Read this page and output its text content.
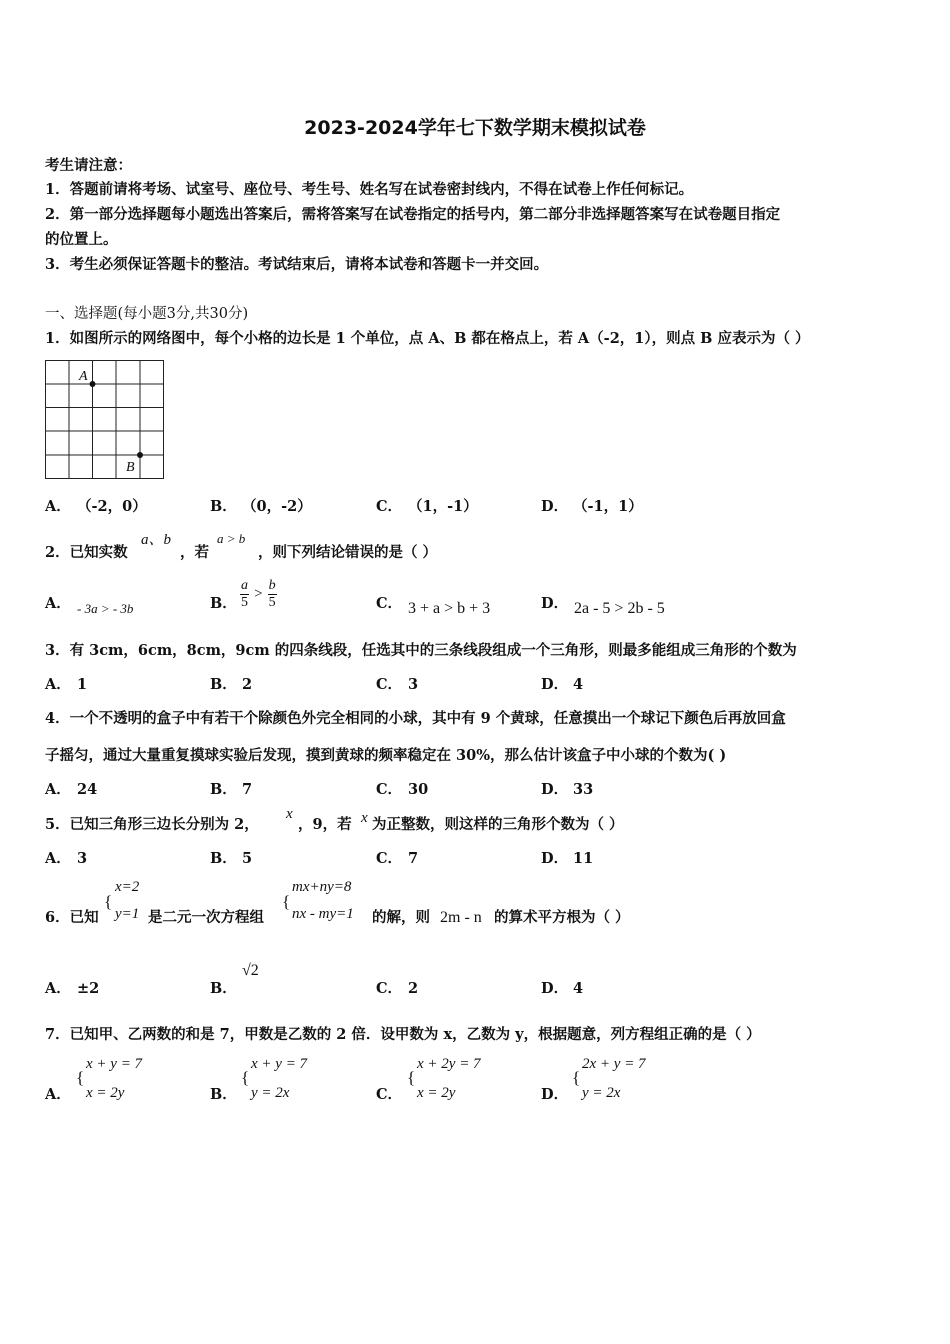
2023-2024学年七下数学期末模拟试卷
考生请注意：
1．答题前请将考场、试室号、座位号、考生号、姓名写在试卷密封线内，不得在试卷上作任何标记。
2．第一部分选择题每小题选出答案后，需将答案写在试卷指定的括号内，第二部分非选择题答案写在试卷题目指定
的位置上。
3．考生必须保证答题卡的整洁。考试结束后，请将本试卷和答题卡一并交回。
一、选择题(每小题3分,共30分)
1．如图所示的网络图中，每个小格的边长是 1 个单位，点 A、B 都在格点上，若 A（-2，1），则点 B 应表示为（ ）
A
B
A． （-2，0）	B． （0，-2）	C． （1，-1）	D． （-1，1）
2．已知实数
a、b
，若
a > b
，则下列结论错误的是（ ）
A． - 3a > - 3b	B． $\frac{a}{5} > \frac{b}{5}$	C． 3 + a > b + 3	D． 2a - 5 > 2b - 5
3．有 3cm，6cm，8cm，9cm 的四条线段，任选其中的三条线段组成一个三角形，则最多能组成三角形的个数为
A． 1	B． 2	C． 3	D． 4
4．一个不透明的盒子中有若干个除颜色外完全相同的小球，其中有 9 个黄球，任意摸出一个球记下颜色后再放回盒
子摇匀，通过大量重复摸球实验后发现，摸到黄球的频率稳定在 30%，那么估计该盒子中小球的个数为( )
A． 24	B． 7	C． 30	D． 33
5．已知三角形三边长分别为 2，
x
，9，若 x 为正整数，则这样的三角形个数为（ ）
A． 3	B． 5	C． 7	D． 11
6．已知
{
x=2
y=1 是二元一次方程组
{
mx+ny=8
nx - my=1 的解，则 2m - n 的算术平方根为（ ）
A． ±2	B．
√2
C． 2	D． 4
7．已知甲、乙两数的和是 7，甲数是乙数的 2 倍．设甲数为 x，乙数为 y，根据题意，列方程组正确的是（ ）
A．
{
x + y = 7
x = 2y	B．
{
x + y = 7
y = 2x	C．
{
x + 2y = 7
x = 2y	D．
{
2x + y = 7
y = 2x
